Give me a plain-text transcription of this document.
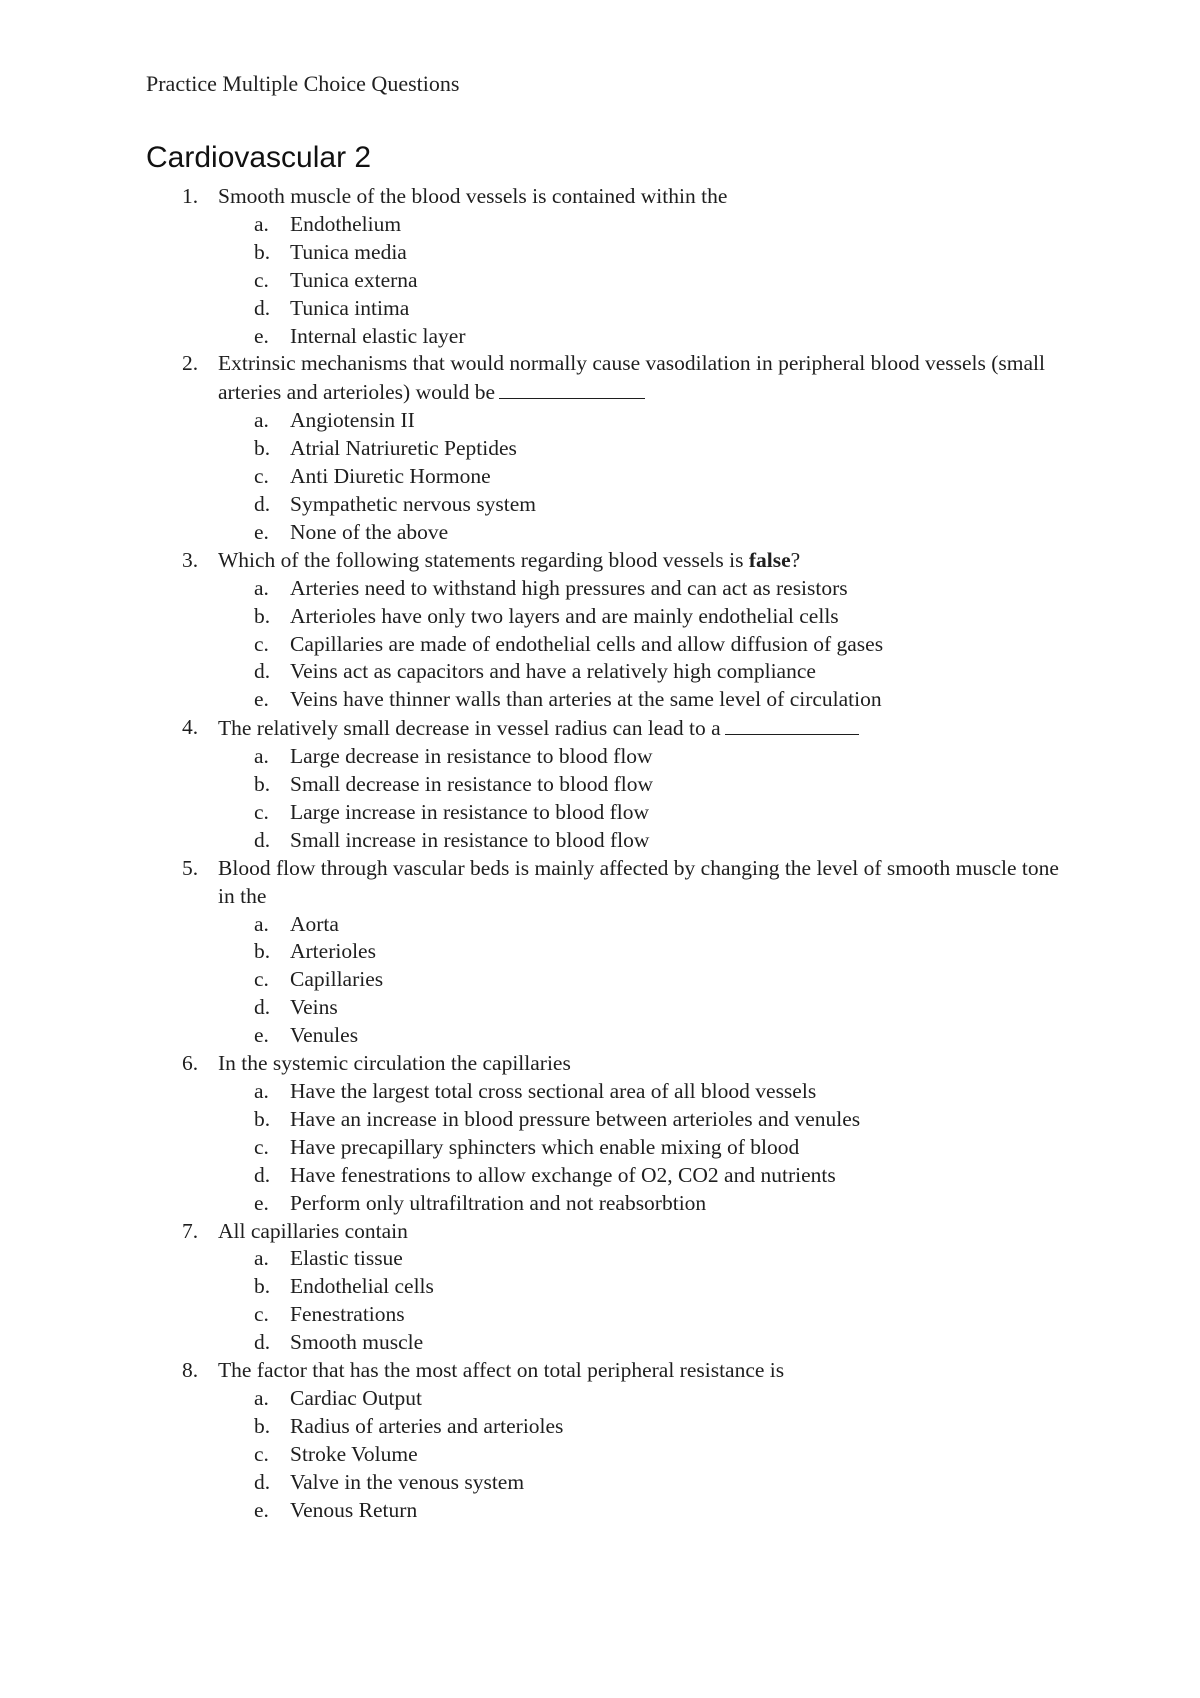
Practice Multiple Choice Questions
Cardiovascular 2
1. Smooth muscle of the blood vessels is contained within the
a. Endothelium
b. Tunica media
c. Tunica externa
d. Tunica intima
e. Internal elastic layer
2. Extrinsic mechanisms that would normally cause vasodilation in peripheral blood vessels (small arteries and arterioles) would be
a. Angiotensin II
b. Atrial Natriuretic Peptides
c. Anti Diuretic Hormone
d. Sympathetic nervous system
e. None of the above
3. Which of the following statements regarding blood vessels is false?
a. Arteries need to withstand high pressures and can act as resistors
b. Arterioles have only two layers and are mainly endothelial cells
c. Capillaries are made of endothelial cells and allow diffusion of gases
d. Veins act as capacitors and have a relatively high compliance
e. Veins have thinner walls than arteries at the same level of circulation
4. The relatively small decrease in vessel radius can lead to a
a. Large decrease in resistance to blood flow
b. Small decrease in resistance to blood flow
c. Large increase in resistance to blood flow
d. Small increase in resistance to blood flow
5. Blood flow through vascular beds is mainly affected by changing the level of smooth muscle tone in the
a. Aorta
b. Arterioles
c. Capillaries
d. Veins
e. Venules
6. In the systemic circulation the capillaries
a. Have the largest total cross sectional area of all blood vessels
b. Have an increase in blood pressure between arterioles and venules
c. Have precapillary sphincters which enable mixing of blood
d. Have fenestrations to allow exchange of O2, CO2 and nutrients
e. Perform only ultrafiltration and not reabsorbtion
7. All capillaries contain
a. Elastic tissue
b. Endothelial cells
c. Fenestrations
d. Smooth muscle
8. The factor that has the most affect on total peripheral resistance is
a. Cardiac Output
b. Radius of arteries and arterioles
c. Stroke Volume
d. Valve in the venous system
e. Venous Return
